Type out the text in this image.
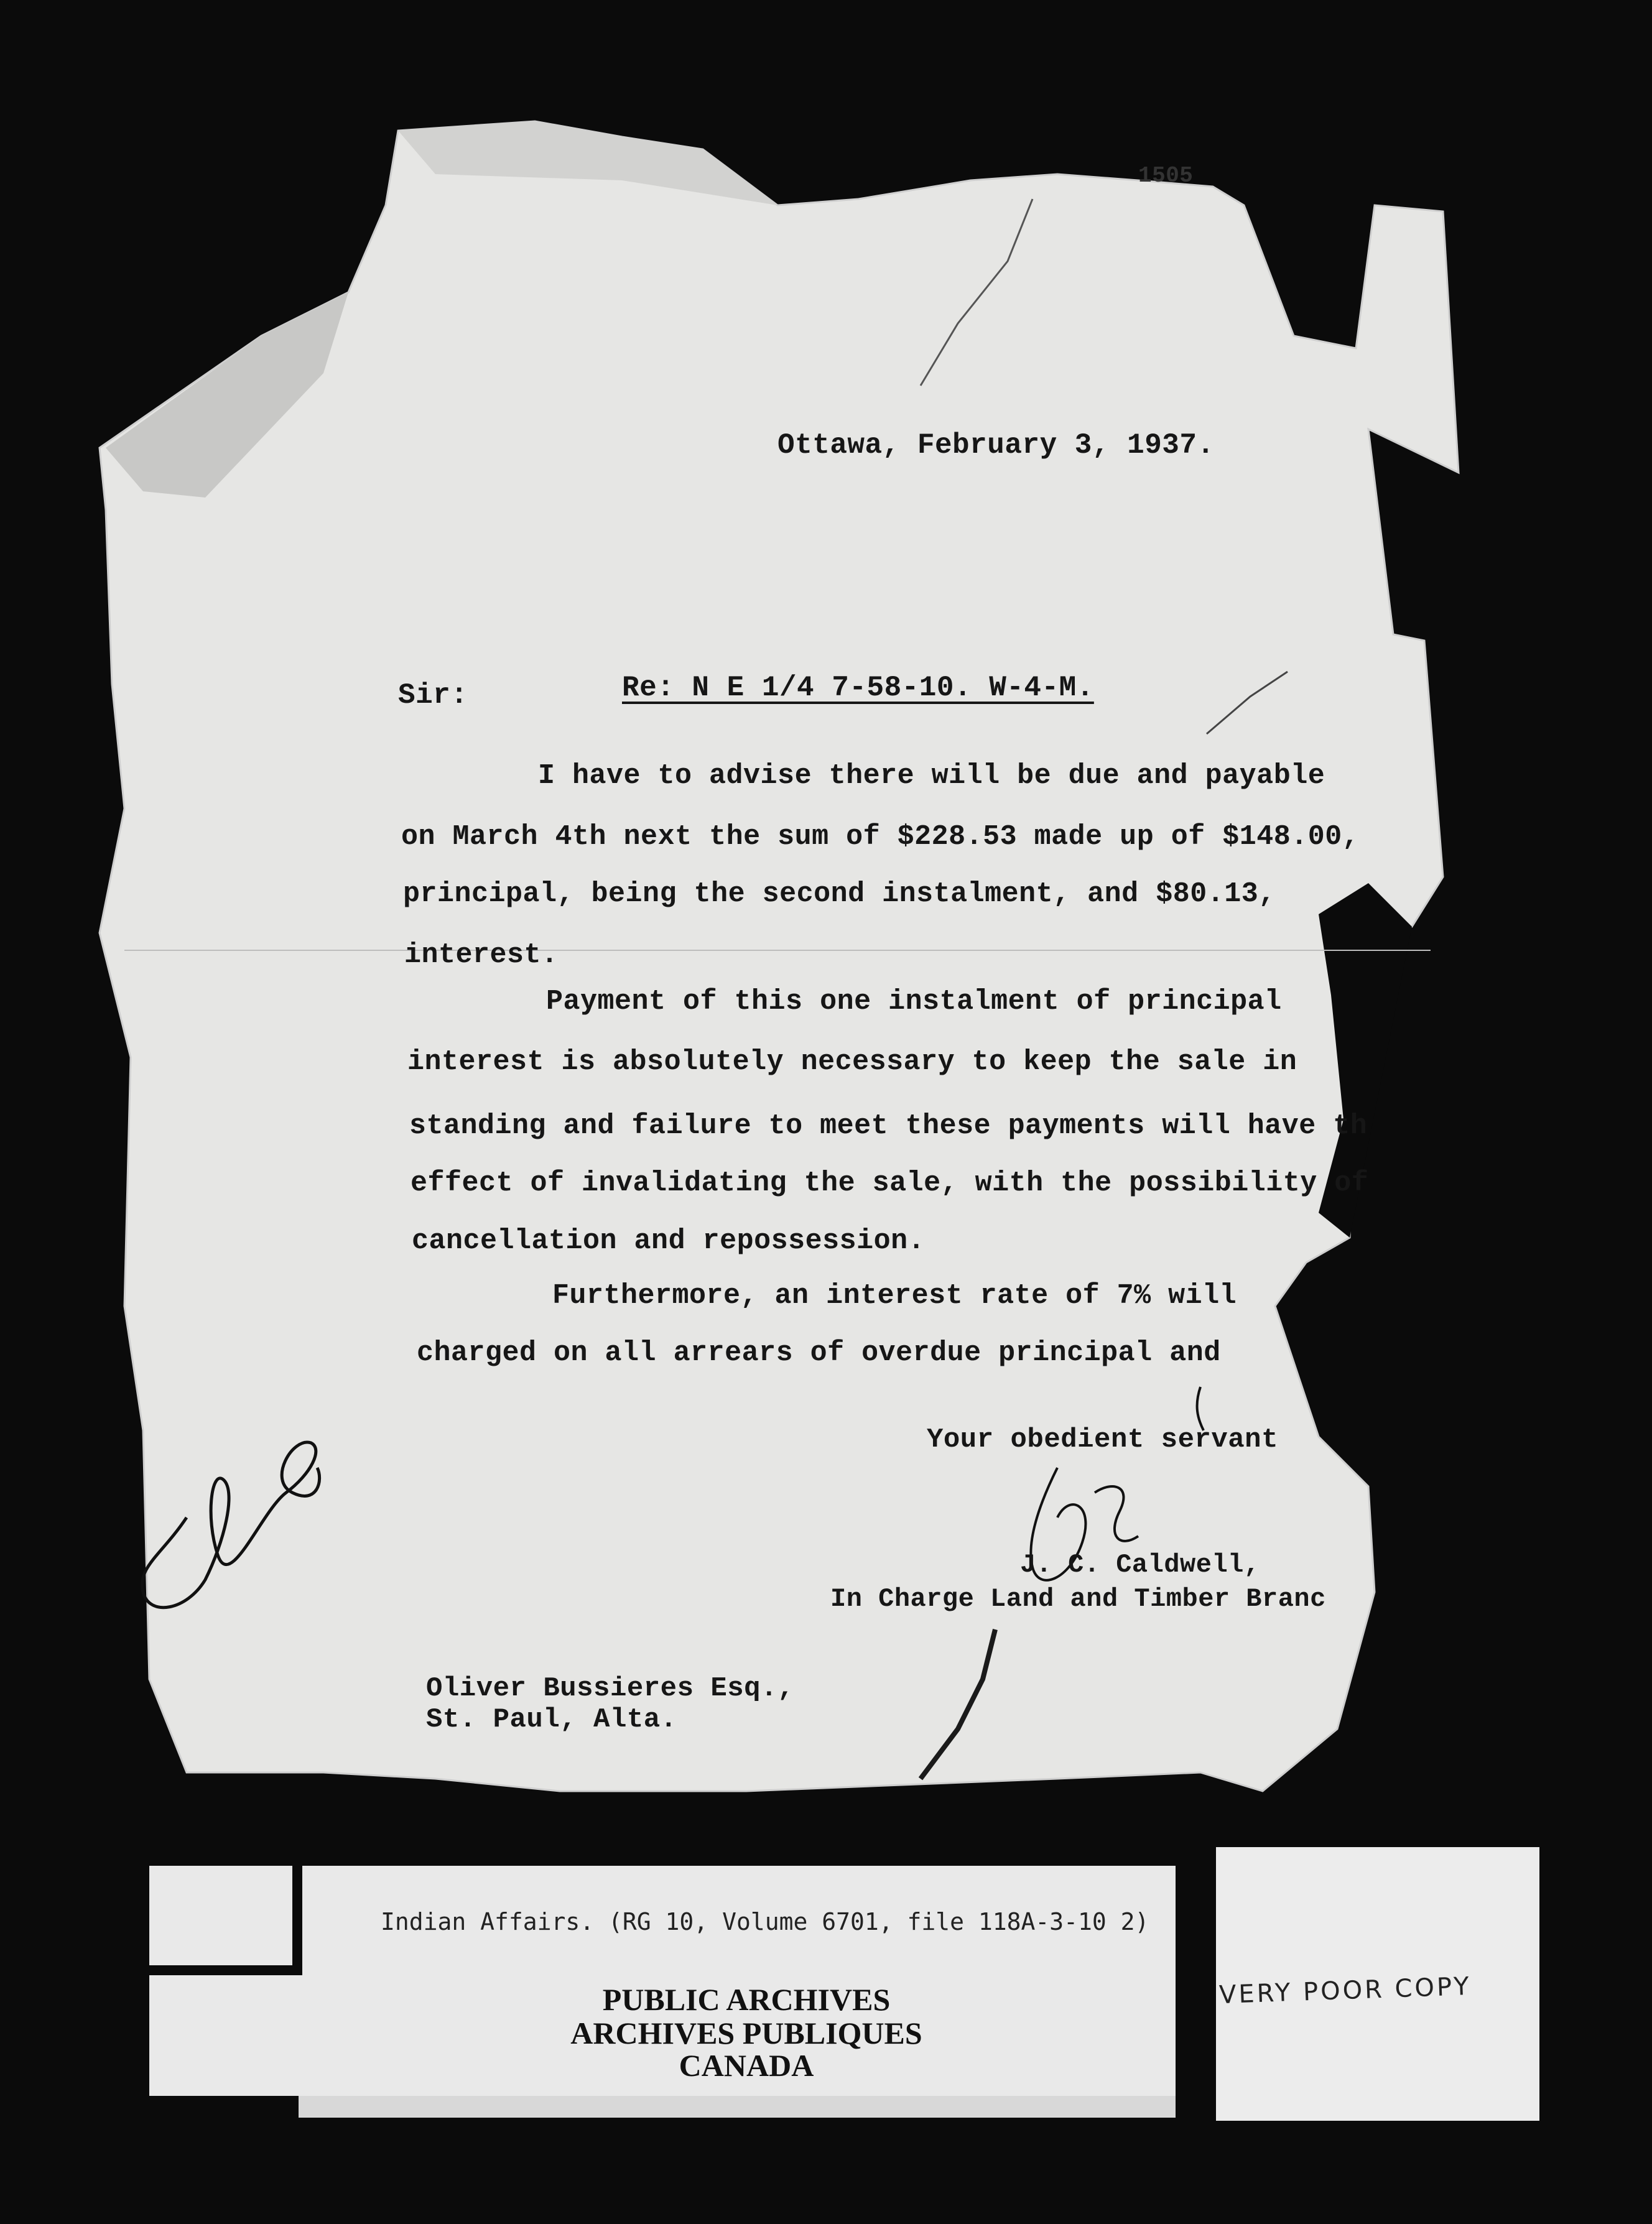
1505
Ottawa, February 3, 1937.
Sir:	Re: N E 1/4 7-58-10. W-4-M.
I have to advise there will be due and payable
on March 4th next the sum of $228.53 made up of $148.00,
principal, being the second instalment, and $80.13,
interest.
Payment of this one instalment of principal
interest is absolutely necessary to keep the sale in
standing and failure to meet these payments will have th
effect of invalidating the sale, with the possibility of
cancellation and repossession.
Furthermore, an interest rate of 7% will
charged on all arrears of overdue principal and
Your obedient servant
J. C. Caldwell,
In Charge Land and Timber Branc
Oliver Bussieres Esq.,
St. Paul, Alta.
Indian Affairs. (RG 10, Volume 6701, file 118A-3-10 2)
PUBLIC ARCHIVES
ARCHIVES PUBLIQUES
CANADA
VERY POOR COPY
